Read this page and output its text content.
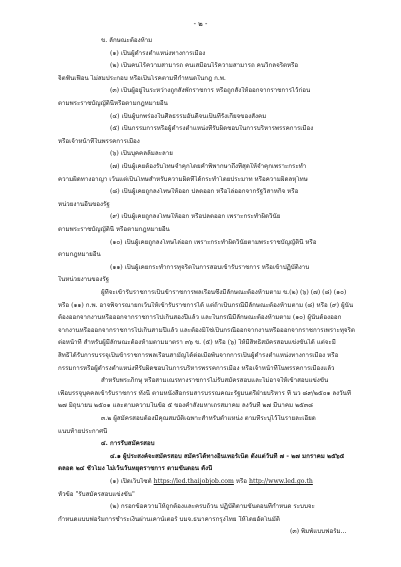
- ๒ -
ข. ลักษณะต้องห้าม
(๑) เป็นผู้ดำรงตำแหน่งทางการเมือง
(๒) เป็นคนไร้ความสามารถ คนเสมือนไร้ความสามารถ คนวิกลจริตหรือ
จิตฟั่นเฟือน ไม่สมประกอบ หรือเป็นโรคตามที่กำหนดในกฎ ก.พ.
(๓) เป็นผู้อยู่ในระหว่างถูกสั่งพักราชการ หรือถูกสั่งให้ออกจากราชการไว้ก่อน
ตามพระราชบัญญัตินี้หรือตามกฎหมายอื่น
(๔) เป็นผู้บกพร่องในศีลธรรมอันดีจนเป็นที่รังเกียจของสังคม
(๕) เป็นกรรมการหรือผู้ดำรงตำแหน่งที่รับผิดชอบในการบริหารพรรคการเมือง
หรือเจ้าหน้าที่ในพรรคการเมือง
(๖) เป็นบุคคลล้มละลาย
(๗) เป็นผู้เคยต้องรับโทษจำคุกโดยคำพิพากษาถึงที่สุดให้จำคุกเพราะกระทำ
ความผิดทางอาญา เว้นแต่เป็นโทษสำหรับความผิดที่ได้กระทำโดยประมาท หรือความผิดลหุโทษ
(๘) เป็นผู้เคยถูกลงโทษให้ออก ปลดออก หรือไล่ออกจากรัฐวิสาหกิจ หรือ
หน่วยงานอื่นของรัฐ
(๙) เป็นผู้เคยถูกลงโทษให้ออก หรือปลดออก เพราะกระทำผิดวินัย
ตามพระราชบัญญัตินี้ หรือตามกฎหมายอื่น
(๑๐) เป็นผู้เคยถูกลงโทษไล่ออก เพราะกระทำผิดวินัยตามพระราชบัญญัตินี้ หรือ
ตามกฎหมายอื่น
(๑๑) เป็นผู้เคยกระทำการทุจริตในการสอบเข้ารับราชการ หรือเข้าปฏิบัติงาน
ในหน่วยงานของรัฐ
ผู้ที่จะเข้ารับราชการเป็นข้าราชการพลเรือนซึ่งมีลักษณะต้องห้ามตาม ข.(๒) (๖) (๗) (๘) (๑๐)
หรือ (๑๑) ก.พ. อาจพิจารณายกเว้นให้เข้ารับราชการได้ แต่ถ้าเป็นกรณีมีลักษณะต้องห้ามตาม (๘) หรือ (๙) ผู้นั้น
ต้องออกจากงานหรือออกจากราชการไปเกินสองปีแล้ว และในกรณีมีลักษณะต้องห้ามตาม (๑๐) ผู้นั้นต้องออก
จากงานหรือออกจากราชการไปเกินสามปีแล้ว และต้องมิใช่เป็นกรณีออกจากงานหรือออกจากราชการเพราะทุจริต
ต่อหน้าที่ สำหรับผู้มีลักษณะต้องห้ามตามมาตรา ๓๖ ข. (๕) หรือ (๖) ให้มีสิทธิสมัครสอบแข่งขันได้ แต่จะมี
สิทธิได้รับการบรรจุเป็นข้าราชการพลเรือนสามัญได้ต่อเมื่อพ้นจากการเป็นผู้ดำรงตำแหน่งทางการเมือง หรือ
กรรมการหรือผู้ดำรงตำแหน่งที่รับผิดชอบในการบริหารพรรคการเมือง หรือเจ้าหน้าที่ในพรรคการเมืองแล้ว
สำหรับพระภิกษุ หรือสามเณรทางราชการไม่รับสมัครสอบและไม่อาจให้เข้าสอบแข่งขัน
เพื่อบรรจุบุคคลเข้ารับราชการ ทั้งนี้ ตามหนังสือกรมสารบรรณคณะรัฐมนตรีฝ่ายบริหาร ที่ นว ๘๙/๒๕๐๑ ลงวันที่
๒๗ มิถุนายน ๒๕๐๑ และตามความในข้อ ๕ ของคำสั่งมหาเถรสมาคม ลงวันที่ ๒๗ มีนาคม ๒๕๓๘
๓.๒ ผู้สมัครสอบต้องมีคุณสมบัติเฉพาะสำหรับตำแหน่ง ตามที่ระบุไว้ในรายละเอียด
แนบท้ายประกาศนี้
๔. การรับสมัครสอบ
๔.๑ ผู้ประสงค์จะสมัครสอบ สมัครได้ทางอินเทอร์เน็ต ตั้งแต่วันที่ ๗ - ๒๗ มกราคม ๒๕๖๕
ตลอด ๒๔ ชั่วโมง ไม่เว้นวันหยุดราชการ ตามขั้นตอน ดังนี้
(๑) เปิดเว็บไซต์ https://led.thaijobjob.com หรือ http://www.led.go.th
หัวข้อ "รับสมัครสอบแข่งขัน"
(๒) กรอกข้อความให้ถูกต้องและครบถ้วน ปฏิบัติตามขั้นตอนที่กำหนด ระบบจะ
กำหนดแบบฟอร์มการชำระเงินผ่านเคาน์เตอร์ บมจ.ธนาคารกรุงไทย ให้โดยอัตโนมัติ
(๓) พิมพ์แบบฟอร์ม...
